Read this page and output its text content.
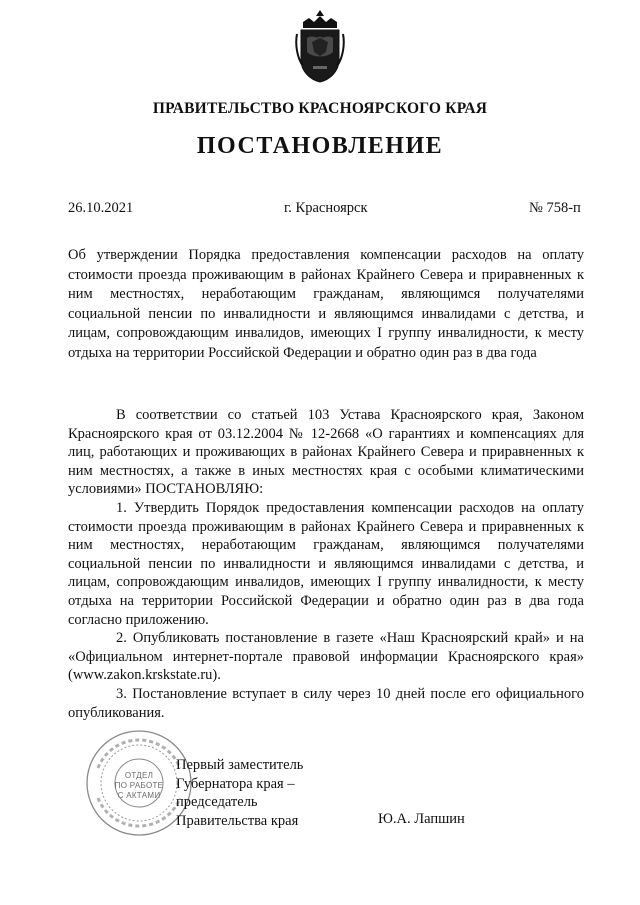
ПРАВИТЕЛЬСТВО КРАСНОЯРСКОГО КРАЯ
ПОСТАНОВЛЕНИЕ
26.10.2021	г. Красноярск	№ 758-п
Об утверждении Порядка предоставления компенсации расходов на оплату стоимости проезда проживающим в районах Крайнего Севера и приравненных к ним местностях, неработающим гражданам, являющимся получателями социальной пенсии по инвалидности и являющимся инвалидами с детства, и лицам, сопровождающим инвалидов, имеющих I группу инвалидности, к месту отдыха на территории Российской Федерации и обратно один раз в два года

В соответствии со статьей 103 Устава Красноярского края, Законом Красноярского края от 03.12.2004 № 12-2668 «О гарантиях и компенсациях для лиц, работающих и проживающих в районах Крайнего Севера и приравненных к ним местностях, а также в иных местностях края с особыми климатическими условиями» ПОСТАНОВЛЯЮ:

1. Утвердить Порядок предоставления компенсации расходов на оплату стоимости проезда проживающим в районах Крайнего Севера и приравненных к ним местностях, неработающим гражданам, являющимся получателями социальной пенсии по инвалидности и являющимся инвалидами с детства, и лицам, сопровождающим инвалидов, имеющих I группу инвалидности, к месту отдыха на территории Российской Федерации и обратно один раз в два года согласно приложению.

2. Опубликовать постановление в газете «Наш Красноярский край» и на «Официальном интернет-портале правовой информации Красноярского края» (www.zakon.krskstate.ru).

3. Постановление вступает в силу через 10 дней после его официального опубликования.

ОТДЕЛ
ПО РАБОТЕ
С АКТАМИ
Первый заместитель
Губернатора края –
председатель
Правительства края	Ю.А. Лапшин
